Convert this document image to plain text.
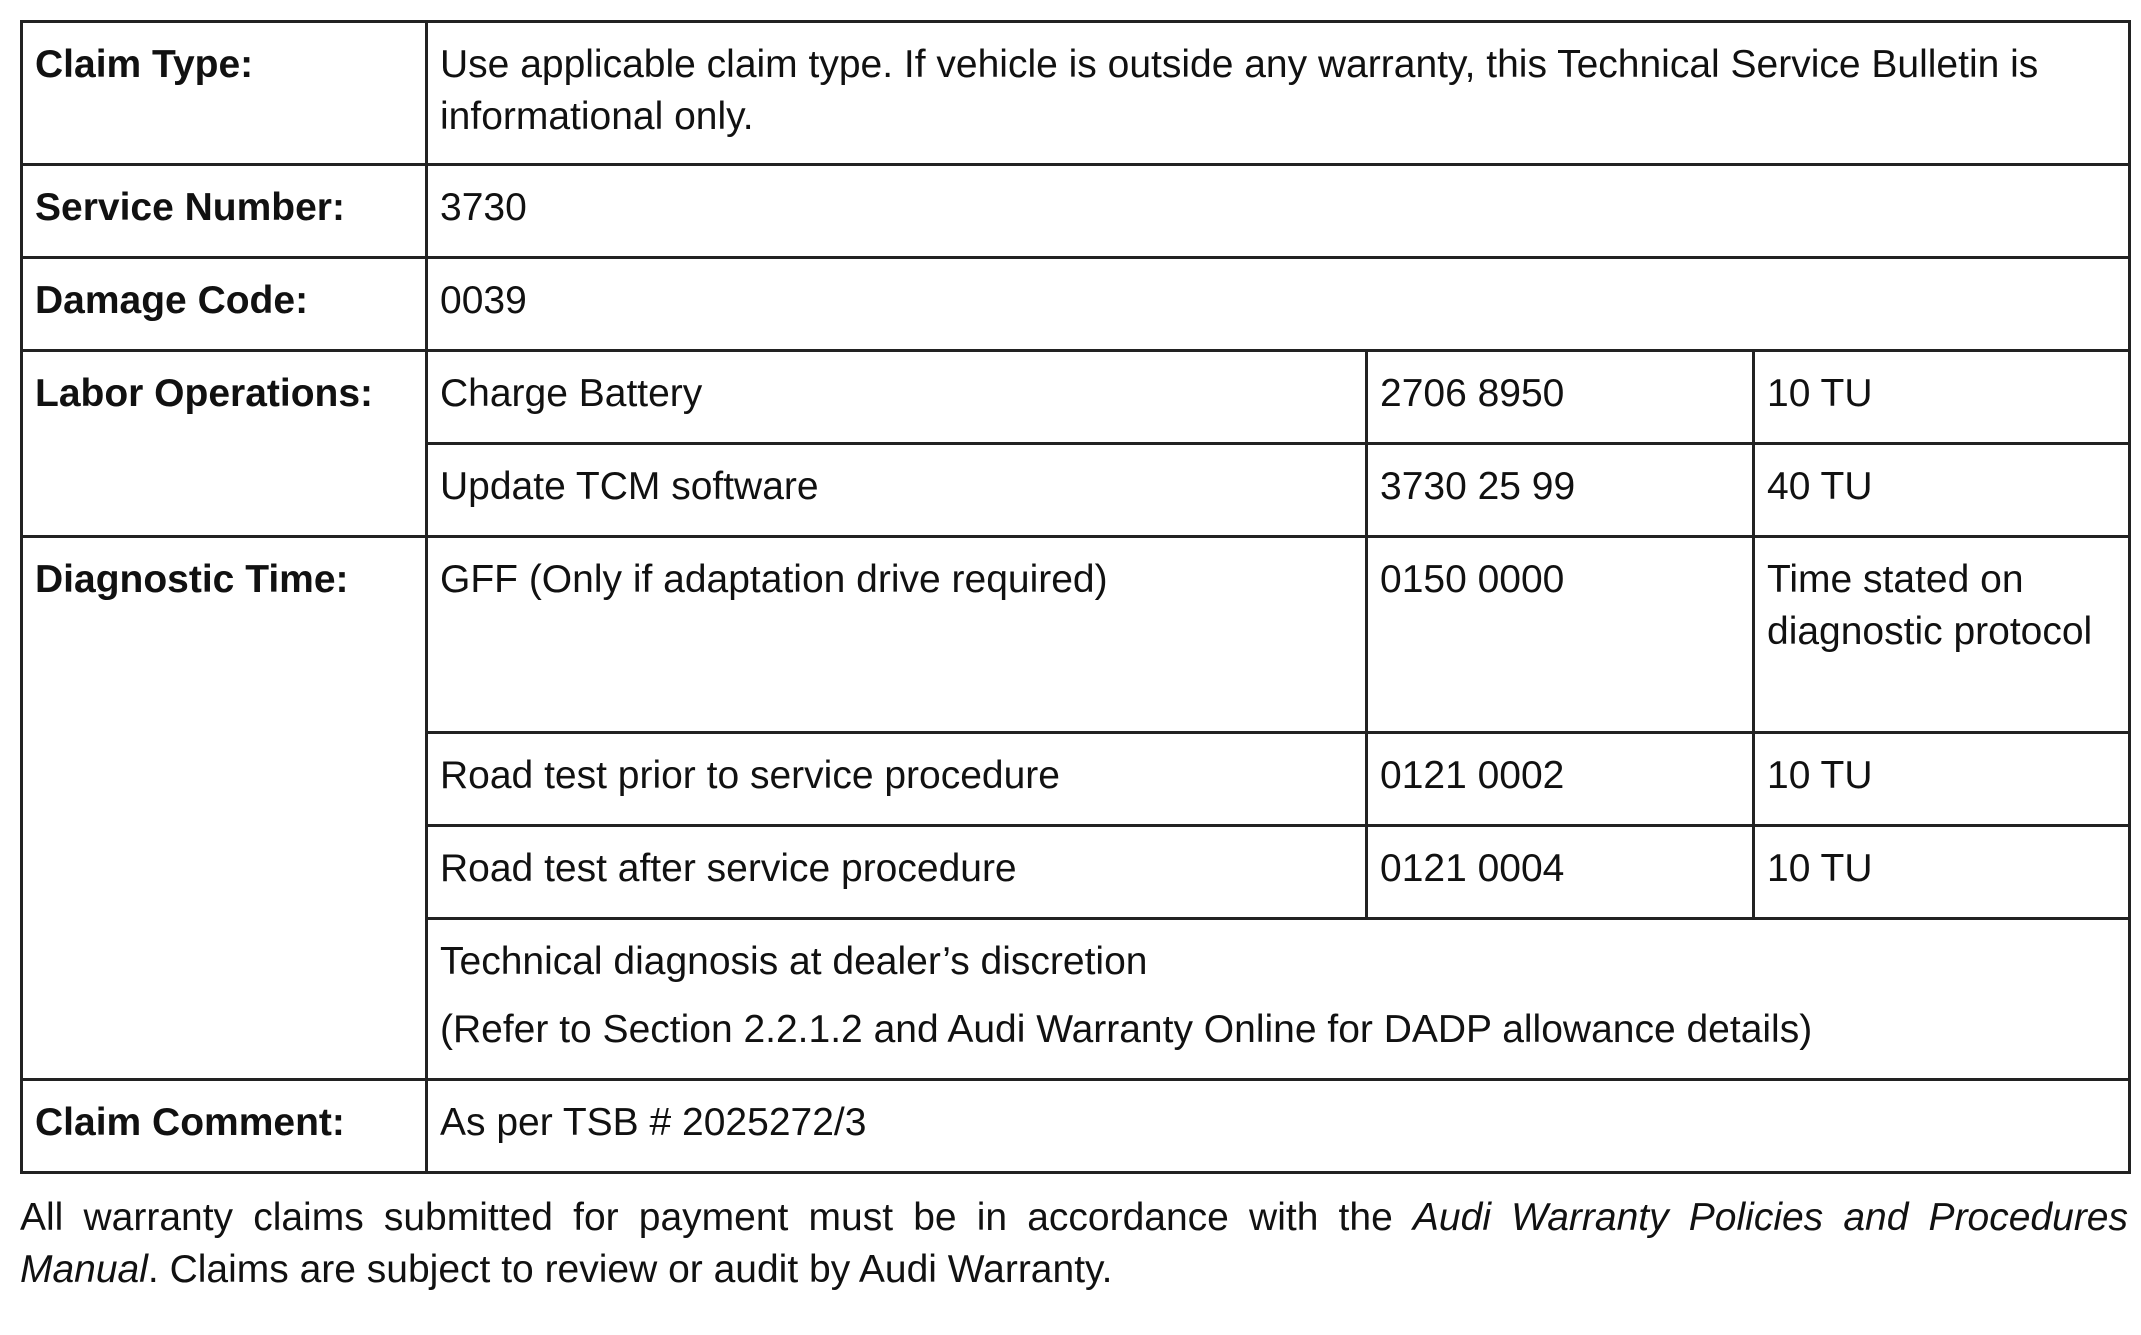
Claim Type:	Use applicable claim type. If vehicle is outside any warranty, this Technical Service Bulletin is informational only.		
Service Number:	3730		
Damage Code:	0039		
Labor Operations:	Charge Battery	2706 8950	10 TU
	Update TCM software	3730 25 99	40 TU
Diagnostic Time:	GFF (Only if adaptation drive required)	0150 0000	Time stated on diagnostic protocol
	Road test prior to service procedure	0121 0002	10 TU
	Road test after service procedure	0121 0004	10 TU

	Technical diagnosis at dealer’s discretion
(Refer to Section 2.2.1.2 and Audi Warranty Online for DADP allowance details)		

Claim Comment:	As per TSB # 2025272/3		

All warranty claims submitted for payment must be in accordance with the Audi Warranty Policies and Procedures Manual. Claims are subject to review or audit by Audi Warranty.
